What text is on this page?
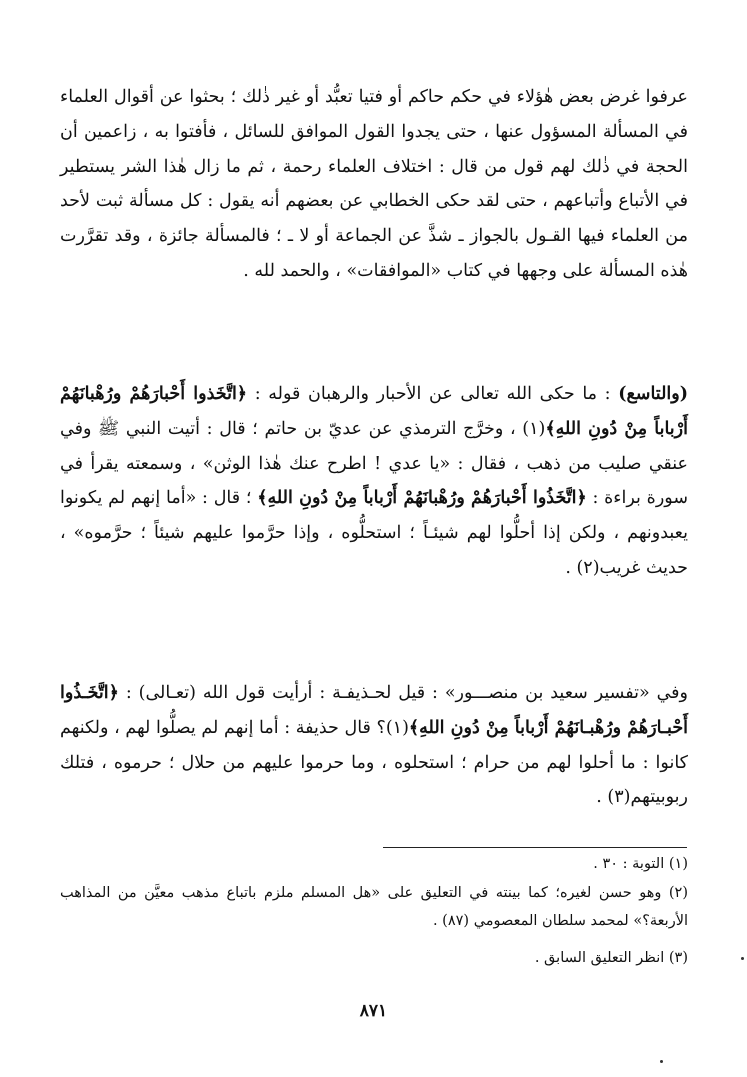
عرفوا غرض بعض هٰؤلاء في حكم حاكم أو فتيا تعبُّد أو غير ذٰلك ؛ بحثوا عن أقوال العلماء في المسألة المسؤول عنها ، حتى يجدوا القول الموافق للسائل ، فأفتوا به ، زاعمين أن الحجة في ذٰلك لهم قول من قال : اختلاف العلماء رحمة ، ثم ما زال هٰذا الشر يستطير في الأتباع وأتباعهم ، حتى لقد حكى الخطابي عن بعضهم أنه يقول : كل مسألة ثبت لأحد من العلماء فيها القـول بالجواز ـ شذَّ عن الجماعة أو لا ـ ؛ فالمسألة جائزة ، وقد تقرَّرت هٰذه المسألة على وجهها في كتاب «الموافقات» ، والحمد لله .

(والتاسع) : ما حكى الله تعالى عن الأحبار والرهبان قوله : ﴿اتَّخَذوا أَحْبارَهُمْ ورُهْبانَهُمْ أَرْباباً مِنْ دُونِ اللهِ﴾(١) ، وخرَّج الترمذي عن عديّ بن حاتم ؛ قال : أتيت النبي ﷺ وفي عنقي صليب من ذهب ، فقال : «يا عدي ! اطرح عنك هٰذا الوثن» ، وسمعته يقرأ في سورة براءة : ﴿اتَّخَذُوا أَحْبارَهُمْ ورُهْبانَهُمْ أَرْباباً مِنْ دُونِ اللهِ﴾ ؛ قال : «أما إنهم لم يكونوا يعبدونهم ، ولكن إذا أحلُّوا لهم شيئـاً ؛ استحلُّوه ، وإذا حرَّموا عليهم شيئاً ؛ حرَّموه» ، حديث غريب(٢) .

وفي «تفسير سعيد بن منصـــور» : قيل لحـذيفـة : أرأيت قول الله (تعـالى) : ﴿اتَّخَـذُوا أَحْبـارَهُمْ ورُهْبـانَهُمْ أَرْباباً مِنْ دُونِ اللهِ﴾(١)؟ قال حذيفة : أما إنهم لم يصلُّوا لهم ، ولكنهم كانوا : ما أحلوا لهم من حرام ؛ استحلوه ، وما حرموا عليهم من حلال ؛ حرموه ، فتلك ربوبيتهم(٣) .

(١) التوبة : ٣٠ .

(٢) وهو حسن لغيره؛ كما بينته في التعليق على «هل المسلم ملزم باتباع مذهب معيَّن من المذاهب الأربعة؟» لمحمد سلطان المعصومي (٨٧) .

(٣) انظر التعليق السابق .

٨٧١
